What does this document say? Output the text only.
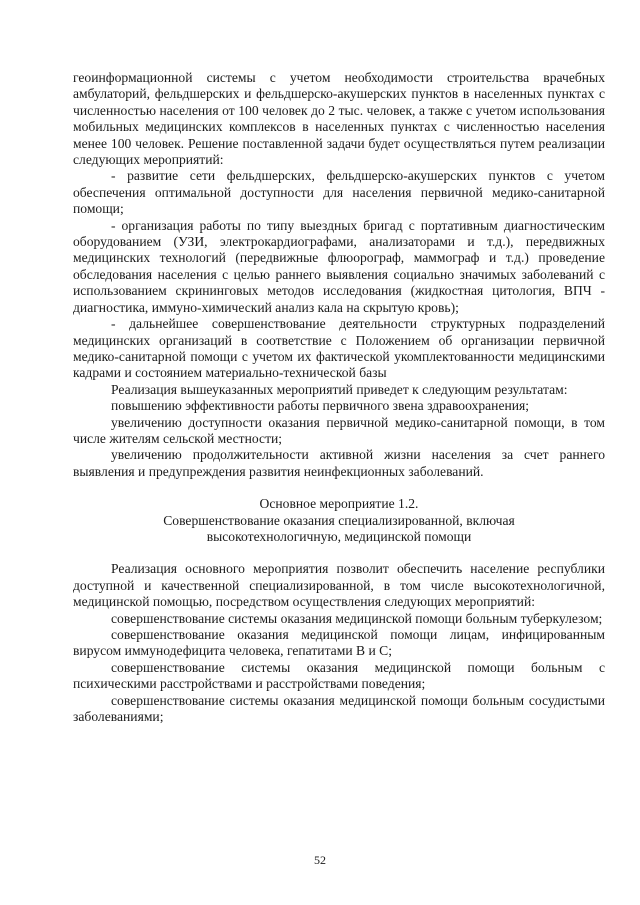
геоинформационной системы с учетом необходимости строительства врачебных амбулаторий, фельдшерских и фельдшерско-акушерских пунктов в населенных пунктах с численностью населения от 100 человек до 2 тыс. человек, а также с учетом использования мобильных медицинских комплексов в населенных пунктах с численностью населения менее 100 человек. Решение поставленной задачи будет осуществляться путем реализации следующих мероприятий:

- развитие сети фельдшерских, фельдшерско-акушерских пунктов с учетом обеспечения оптимальной доступности для населения первичной медико-санитарной помощи;

- организация работы по типу выездных бригад с портативным диагностическим оборудованием (УЗИ, электрокардиографами, анализаторами и т.д.), передвижных медицинских технологий (передвижные флюорограф, маммограф и т.д.) проведение обследования населения с целью раннего выявления социально значимых заболеваний с использованием скрининговых методов исследования (жидкостная цитология, ВПЧ - диагностика, иммуно-химический анализ кала на скрытую кровь);

- дальнейшее совершенствование деятельности структурных подразделений медицинских организаций в соответствие с Положением об организации первичной медико-санитарной помощи с учетом их фактической укомплектованности медицинскими кадрами и состоянием материально-технической базы

Реализация вышеуказанных мероприятий приведет к следующим результатам:

повышению эффективности работы первичного звена здравоохранения;

увеличению доступности оказания первичной медико-санитарной помощи, в том числе жителям сельской местности;

увеличению продолжительности активной жизни населения за счет раннего выявления и предупреждения развития неинфекционных заболеваний.

Основное мероприятие 1.2.

Совершенствование оказания специализированной, включая

высокотехнологичную, медицинской помощи

Реализация основного мероприятия позволит обеспечить население республики доступной и качественной специализированной, в том числе высокотехнологичной, медицинской помощью, посредством осуществления следующих мероприятий:

совершенствование системы оказания медицинской помощи больным туберкулезом;

совершенствование оказания медицинской помощи лицам, инфицированным вирусом иммунодефицита человека, гепатитами В и С;

совершенствование системы оказания медицинской помощи больным с психическими расстройствами и расстройствами поведения;

совершенствование системы оказания медицинской помощи больным сосудистыми заболеваниями;

52
